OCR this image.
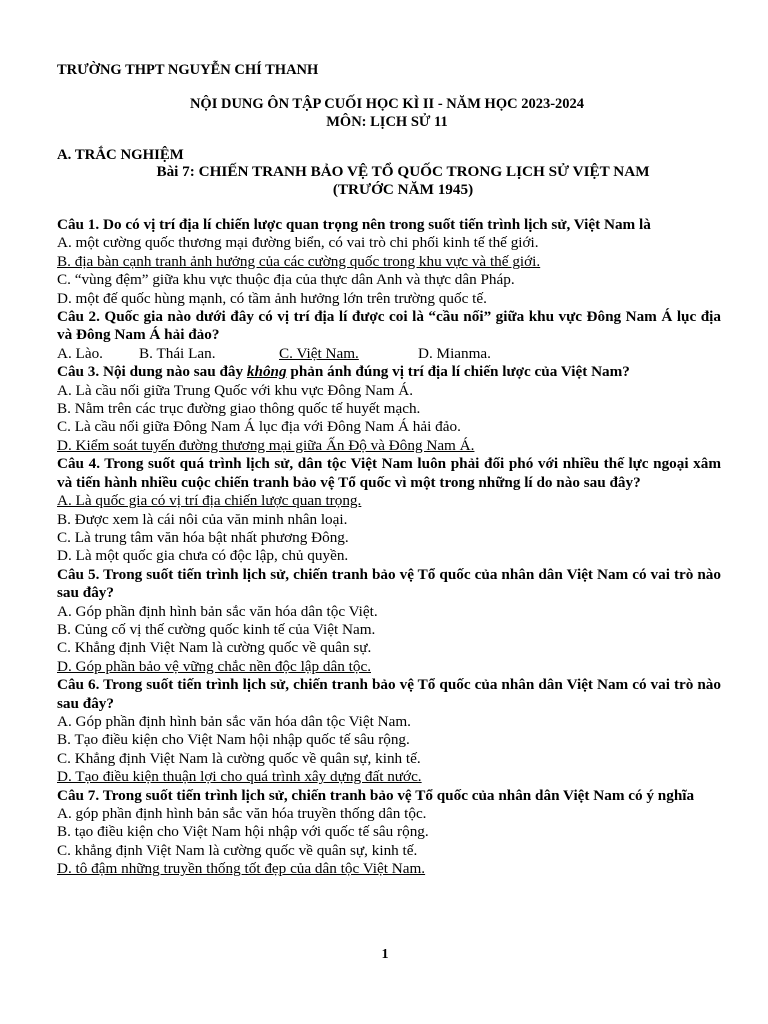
TRƯỜNG THPT NGUYỄN CHÍ THANH
NỘI DUNG ÔN TẬP CUỐI HỌC KÌ II - NĂM HỌC 2023-2024
MÔN: LỊCH SỬ 11
A. TRẮC NGHIỆM
Bài 7: CHIẾN TRANH BẢO VỆ TỔ QUỐC TRONG LỊCH SỬ VIỆT NAM
(TRƯỚC NĂM 1945)
Câu 1. Do có vị trí địa lí chiến lược quan trọng nên trong suốt tiến trình lịch sử, Việt Nam là
A. một cường quốc thương mại đường biển, có vai trò chi phối kinh tế thế giới.
B. địa bàn cạnh tranh ảnh hưởng của các cường quốc trong khu vực và thế giới.
C. “vùng đệm” giữa khu vực thuộc địa của thực dân Anh và thực dân Pháp.
D. một đế quốc hùng mạnh, có tầm ảnh hưởng lớn trên trường quốc tế.
Câu 2. Quốc gia nào dưới đây có vị trí địa lí được coi là “cầu nối” giữa khu vực Đông Nam Á lục địa và Đông Nam Á hải đảo?
A. Lào.	B. Thái Lan.	C. Việt Nam.	D. Mianma.
Câu 3. Nội dung nào sau đây không phản ánh đúng vị trí địa lí chiến lược của Việt Nam?
A. Là cầu nối giữa Trung Quốc với khu vực Đông Nam Á.
B. Nằm trên các trục đường giao thông quốc tế huyết mạch.
C. Là cầu nối giữa Đông Nam Á lục địa với Đông Nam Á hải đảo.
D. Kiểm soát tuyến đường thương mại giữa Ấn Độ và Đông Nam Á.
Câu 4. Trong suốt quá trình lịch sử, dân tộc Việt Nam luôn phải đối phó với nhiều thế lực ngoại xâm và tiến hành nhiều cuộc chiến tranh bảo vệ Tổ quốc vì một trong những lí do nào sau đây?
A. Là quốc gia có vị trí địa chiến lược quan trọng.
B. Được xem là cái nôi của văn minh nhân loại.
C. Là trung tâm văn hóa bật nhất phương Đông.
D. Là một quốc gia chưa có độc lập, chủ quyền.
Câu 5. Trong suốt tiến trình lịch sử, chiến tranh bảo vệ Tổ quốc của nhân dân Việt Nam có vai trò nào sau đây?
A. Góp phần định hình bản sắc văn hóa dân tộc Việt.
B. Củng cố vị thế cường quốc kinh tế của Việt Nam.
C. Khẳng định Việt Nam là cường quốc về quân sự.
D. Góp phần bảo vệ vững chắc nền độc lập dân tộc.
Câu 6. Trong suốt tiến trình lịch sử, chiến tranh bảo vệ Tổ quốc của nhân dân Việt Nam có vai trò nào sau đây?
A. Góp phần định hình bản sắc văn hóa dân tộc Việt Nam.
B. Tạo điều kiện cho Việt Nam hội nhập quốc tế sâu rộng.
C. Khẳng định Việt Nam là cường quốc về quân sự, kinh tế.
D. Tạo điều kiện thuận lợi cho quá trình xây dựng đất nước.
Câu 7. Trong suốt tiến trình lịch sử, chiến tranh bảo vệ Tổ quốc của nhân dân Việt Nam có ý nghĩa
A. góp phần định hình bản sắc văn hóa truyền thống dân tộc.
B. tạo điều kiện cho Việt Nam hội nhập với quốc tế sâu rộng.
C. khẳng định Việt Nam là cường quốc về quân sự, kinh tế.
D. tô đậm những truyền thống tốt đẹp của dân tộc Việt Nam.
1
